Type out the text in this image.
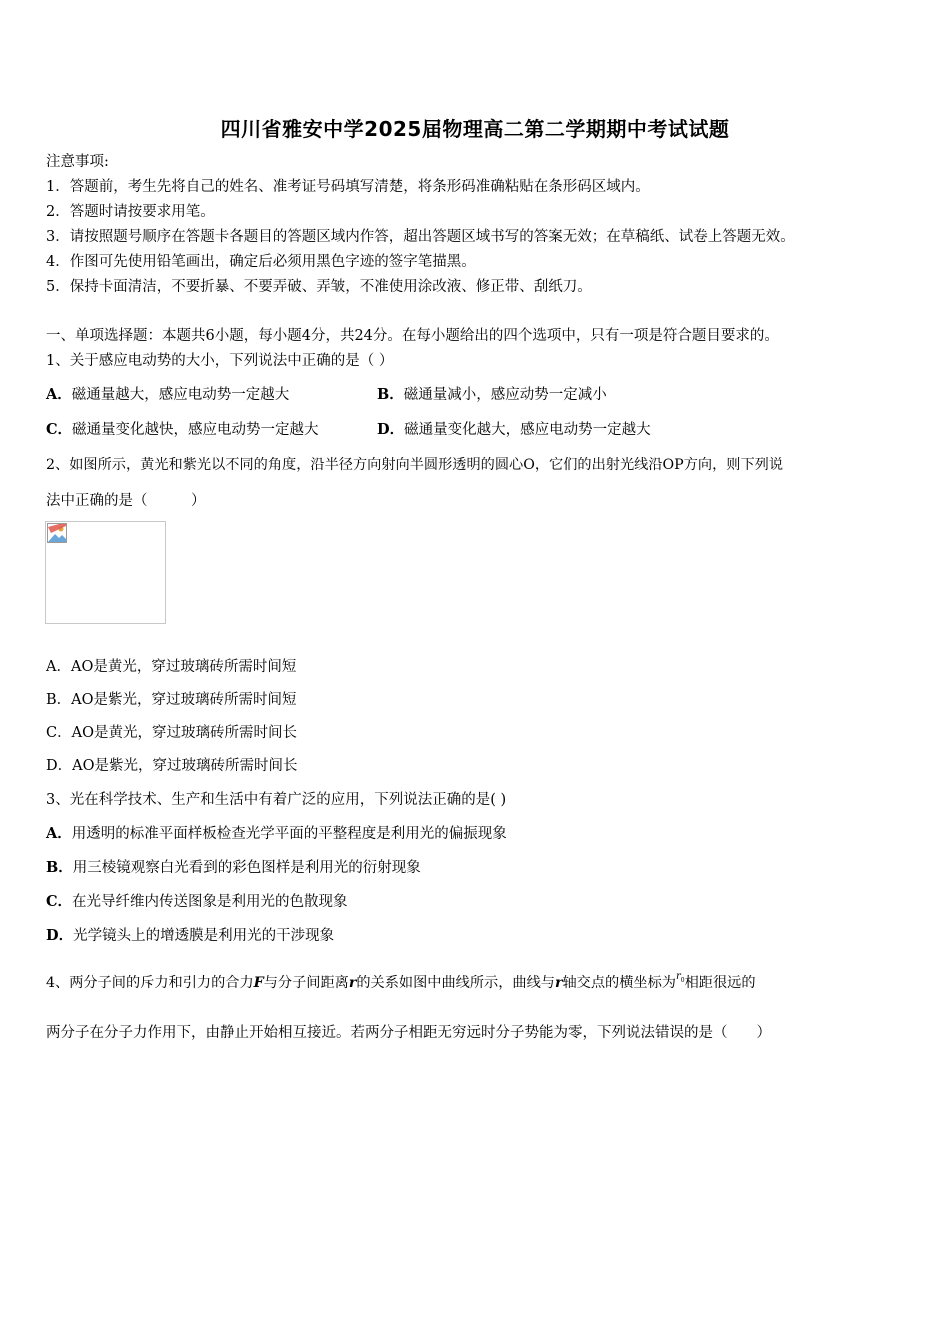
四川省雅安中学2025届物理高二第二学期期中考试试题
注意事项:
1．答题前，考生先将自己的姓名、准考证号码填写清楚，将条形码准确粘贴在条形码区域内。
2．答题时请按要求用笔。
3．请按照题号顺序在答题卡各题目的答题区域内作答，超出答题区域书写的答案无效；在草稿纸、试卷上答题无效。
4．作图可先使用铅笔画出，确定后必须用黑色字迹的签字笔描黑。
5．保持卡面清洁，不要折暴、不要弄破、弄皱，不准使用涂改液、修正带、刮纸刀。
一、单项选择题：本题共6小题，每小题4分，共24分。在每小题给出的四个选项中，只有一项是符合题目要求的。
1、关于感应电动势的大小，下列说法中正确的是（ ）
A．磁通量越大，感应电动势一定越大	B．磁通量减小，感应动势一定减小
C．磁通量变化越快，感应电动势一定越大	D．磁通量变化越大，感应电动势一定越大
2、如图所示，黄光和紫光以不同的角度，沿半径方向射向半圆形透明的圆心O，它们的出射光线沿OP方向，则下列说
法中正确的是（　　　）
A．AO是黄光，穿过玻璃砖所需时间短
B．AO是紫光，穿过玻璃砖所需时间短
C．AO是黄光，穿过玻璃砖所需时间长
D．AO是紫光，穿过玻璃砖所需时间长
3、光在科学技术、生产和生活中有着广泛的应用，下列说法正确的是( )
A．用透明的标准平面样板检查光学平面的平整程度是利用光的偏振现象
B．用三棱镜观察白光看到的彩色图样是利用光的衍射现象
C．在光导纤维内传送图象是利用光的色散现象
D．光学镜头上的增透膜是利用光的干涉现象
4、两分子间的斥力和引力的合力F与分子间距离r的关系如图中曲线所示，曲线与r轴交点的横坐标为$^{r_0}$相距很远的
两分子在分子力作用下，由静止开始相互接近。若两分子相距无穷远时分子势能为零，下列说法错误的是（　　）
